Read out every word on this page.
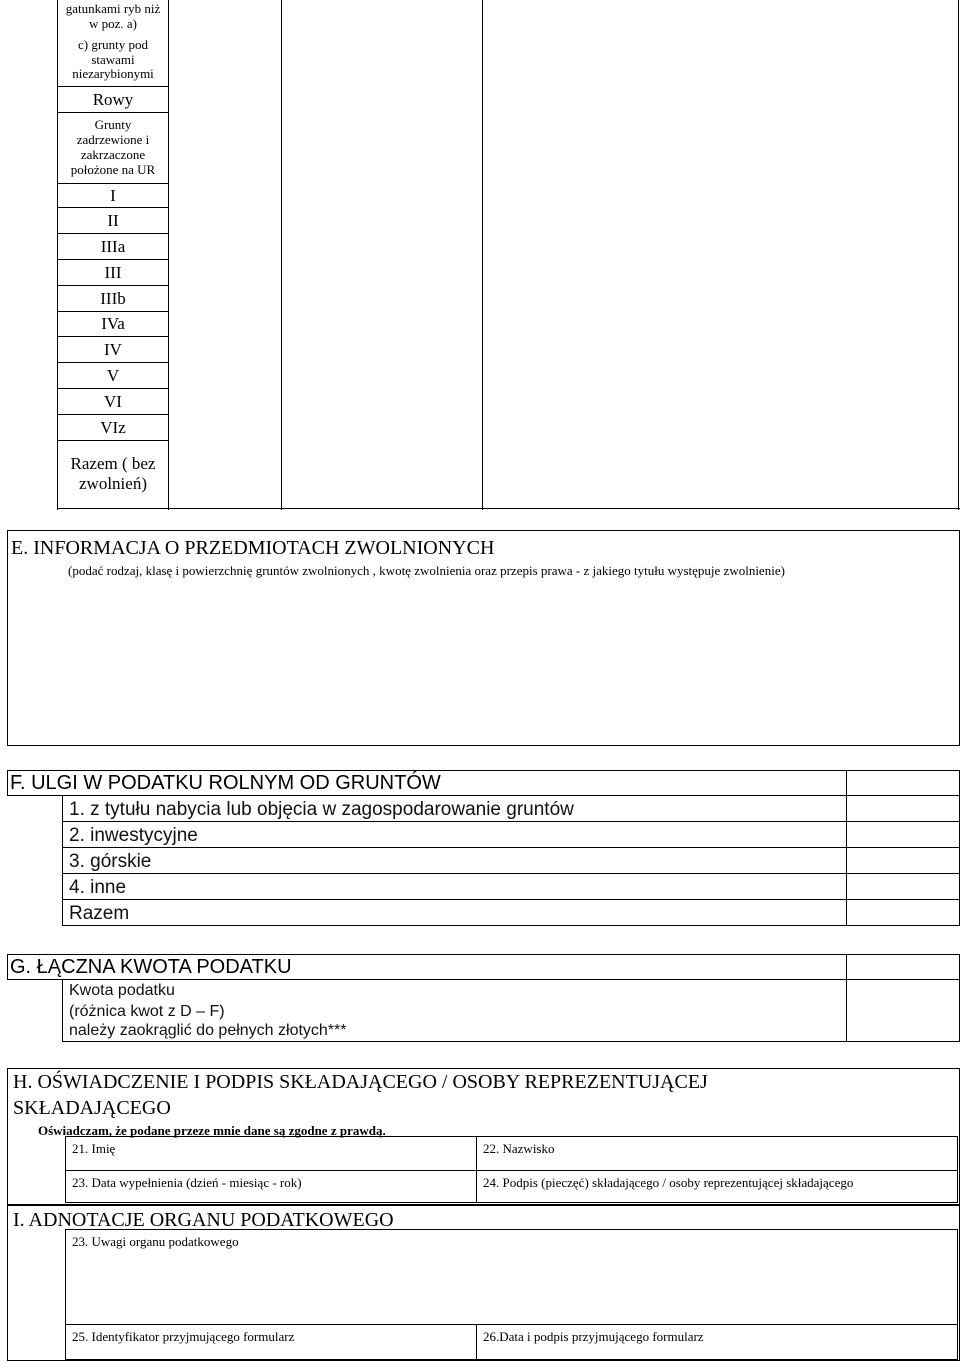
gatunkami ryb niż w poz. a)
c) grunty pod stawami niezarybionymi
Rowy
Grunty zadrzewione i zakrzaczone położone na UR
I
II
IIIa
III
IIIb
IVa
IV
V
VI
VIz
Razem ( bez zwolnień)
E. INFORMACJA O PRZEDMIOTACH ZWOLNIONYCH
(podać rodzaj, klasę i powierzchnię gruntów zwolnionych , kwotę zwolnienia oraz przepis prawa - z jakiego tytułu występuje zwolnienie)
F. ULGI W PODATKU ROLNYM OD GRUNTÓW
1. z tytułu nabycia lub objęcia w zagospodarowanie gruntów
2. inwestycyjne
3. górskie
4. inne
Razem
G. ŁĄCZNA KWOTA PODATKU
Kwota podatku
(różnica kwot z D – F)
należy zaokrąglić do pełnych złotych***
H. OŚWIADCZENIE I PODPIS SKŁADAJĄCEGO / OSOBY REPREZENTUJĄCEJ
SKŁADAJĄCEGO
Oświadczam, że podane przeze mnie dane są zgodne z prawdą.
21. Imię	22. Nazwisko
23. Data wypełnienia (dzień - miesiąc - rok)	24. Podpis (pieczęć) składającego / osoby reprezentującej składającego
I. ADNOTACJE ORGANU PODATKOWEGO
23. Uwagi organu podatkowego
25. Identyfikator przyjmującego formularz	26.Data i podpis przyjmującego formularz
